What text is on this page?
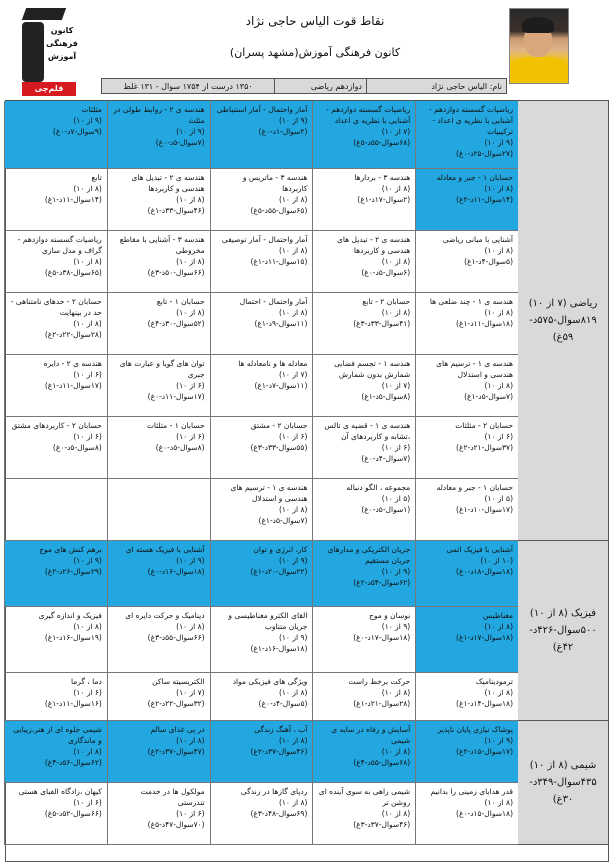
نقاط قوت الیاس حاجی نژاد
کانون فرهنگی آموزش(مشهد پسران)
کانون
فرهنگی
آموزش
قلم‌چی	نام: الیاس حاجی نژاد
دوازدهم ریاضی
۱۳۵۰ درست از ۱۷۵۴ سوال - ۱۳۱ غلط
ریاضی (۷ از ۱۰) ۸۱۹سوال-۵۷۵د- ۵۹غ)
فیزیک (۸ از ۱۰) ۵۰۰سوال-۴۲۶د- ۴۲غ)
شیمی (۸ از ۱۰) ۴۳۵سوال-۳۴۹د- ۳۰غ)
ریاضیات گسسته دوازدهم - آشنایی با نظریه ی اعداد - ترکیبیات
(۹ از ۱۰)
(۲۷سوال-۲۵د-۰غ)
ریاضیات گسسته دوازدهم - آشنایی با نظریه ی اعداد
(۷ از ۱۰)
(۶۸سوال-۵۵د-۵غ)
آمار واحتمال - آمار استنباطی
(۹ از ۱۰)
(۲سوال-۱د-۰غ)
هندسه ی ۲ - روابط طولی در مثلث
(۹ از ۱۰)
(۷سوال-۵د-۰غ)
مثلثات
(۹ از ۱۰)
(۹سوال-۷د-۰غ)
حسابان ۱ - جبر و معادله
(۸ از ۱۰)
(۱۴سوال-۱۱د-۲غ)
هندسه ۳ - بردارها
(۸ از ۱۰)
(۲سوال-۱۷د-۱غ)
هندسه ۳ - ماتریس و کاربردها
(۸ از ۱۰)
(۶۵سوال-۵۵د-۵غ)
هندسه ی ۲ - تبدیل های هندسی و کاربردها
(۸ از ۱۰)
(۴۶سوال-۳۳د-۱غ)
تابع
(۸ از ۱۰)
(۱۴سوال-۱۱د-۱غ)
آشنایی با مبانی ریاضی
(۸ از ۱۰)
(۵سوال-۴د-۱غ)
هندسه ی ۲ - تبدیل های هندسی و کاربردها
(۸ از ۱۰)
(۶سوال-۵د-۰غ)
آمار واحتمال - آمار توصیفی
(۸ از ۱۰)
(۱۵سوال-۱۱د-۱غ)
هندسه ۳ - آشنایی با مقاطع مخروطی
(۸ از ۱۰)
(۶۶سوال-۵۰د-۳غ)
ریاضیات گسسته دوازدهم - گراف و مدل سازی
(۸ از ۱۰)
(۶۵سوال-۳۸د-۵غ)
هندسه ی ۱ - چند ضلعی ها
(۸ از ۱۰)
(۱۸سوال-۱۱د-۱غ)
حسابان ۲ - تابع
(۸ از ۱۰)
(۴۱سوال-۳۳د-۳غ)
آمار واحتمال - احتمال
(۸ از ۱۰)
(۱۱سوال-۹د-۱غ)
حسابان ۱ - تابع
(۸ از ۱۰)
(۵۲سوال-۳۰د-۴غ)
حسابان ۲ - حدهای نامتناهی - حد در بینهایت
(۸ از ۱۰)
(۲۸سوال-۲۲د-۲غ)
هندسه ی ۱ - ترسیم های هندسی و استدلال
(۸ از ۱۰)
(۷سوال-۵د-۱غ)
هندسه ۱ - تجسم فضایی شمارش بدون شمارش
(۷ از ۱۰)
(۸سوال-۵د-۱غ)
معادله ها و نامعادله ها
(۷ از ۱۰)
(۱۱سوال-۷د-۱غ)
توان های گویا و عبارت های جبری
(۶ از ۱۰)
(۱۷سوال-۱۱د-۰غ)
هندسه ی ۲ - دایره
(۶ از ۱۰)
(۱۷سوال-۱۱د-۱غ)
حسابان ۲ - مثلثات
(۶ از ۱۰)
(۳۷سوال-۲۱د-۲غ)
هندسه ی ۱ - قضیه ی تالس ،تشابه و کاربردهای آن
(۶ از ۱۰)
(۷سوال-۴د-۰غ)
حسابان ۲ - مشتق
(۶ از ۱۰)
(۵۵سوال-۳۳د-۳غ)
حسابان ۱ - مثلثات
(۶ از ۱۰)
(۸سوال-۵د-۰غ)
حسابان ۲ - کاربردهای مشتق
(۶ از ۱۰)
(۸سوال-۵د-۰غ)
حسابان ۱ - جبر و معادله
(۵ از ۱۰)
(۱۷سوال-۱۰د-۱غ)
مجموعه ، الگو دنباله
(۵ از ۱۰)
(۱سوال-۵د-۰غ)
هندسه ی ۱ - ترسیم های هندسی و استدلال
(۸ از ۱۰)
(۷سوال-۵د-۱غ)
آشنایی با فیزیک اتمی
(۱۰ از ۱۰)
(۱۸سوال-۱۸د-۰غ)
جریان الکتریکی و مدارهای جریان مستقیم
(۹ از ۱۰)
(۶۲سوال-۵۴د-۲غ)
کار، انرژی و توان
(۹ از ۱۰)
(۲۲سوال-۲۰د-۱غ)
آشنایی با فیزیک هسته ای
(۹ از ۱۰)
(۱۸سوال-۱۶د-۰غ)
برهم کنش های موج
(۹ از ۱۰)
(۲۹سوال-۲۶د-۲غ)
مغناطیس
(۸ از ۱۰)
(۱۸سوال-۱۷د-۱غ)
نوسان و موج
(۹ از ۱۰)
(۱۸سوال-۱۷د-۰غ)
القای الکترو مغناطیسی و جریان متناوب
(۹ از ۱۰)
(۱۸سوال-۱۶د-۱غ)
دینامیک و حرکت دایره ای
(۸ از ۱۰)
(۶۶سوال-۵۵د-۳غ)
فیزیک و اندازه گیری
(۸ از ۱۰)
(۱۹سوال-۱۶د-۱غ)
ترمودینامیک
(۸ از ۱۰)
(۱۸سوال-۱۴د-۱غ)
حرکت برخط راست
(۸ از ۱۰)
(۲۸سوال-۲۱د-۱غ)
ویژگی های فیزیکی مواد
(۸ از ۱۰)
(۵سوال-۴د-۰غ)
الکتریسیته ساکن
(۷ از ۱۰)
(۳۲سوال-۲۲د-۲غ)
دما ، گرما
(۶ از ۱۰)
(۱۶سوال-۱۱د-۱غ)
پوشاک نیازی پایان ناپذیر
(۹ از ۱۰)
(۱۷سوال-۱۵د-۲غ)
آسایش و رفاه در سایه ی شیمی
(۸ از ۱۰)
(۶۸سوال-۵۵د-۴غ)
آب ، آهنگ زندگی
(۸ از ۱۰)
(۴۶سوال-۳۷د-۲غ)
در پی غذای سالم
(۸ از ۱۰)
(۴۷سوال-۳۷د-۲غ)
شیمی جلوه ای از هنر،زیبایی و ماندگاری
(۸ از ۱۰)
(۶۲سوال-۵۶د-۴غ)
قدر هدایای زمینی را بدانیم
(۸ از ۱۰)
(۱۸سوال-۱۵د-۰غ)
شیمی راهی به سوی آینده ای روشن تر
(۸ از ۱۰)
(۴۶سوال-۳۷د-۳غ)
ردپای گازها در زندگی
(۸ از ۱۰)
(۶۹سوال-۴۸د-۳غ)
مولکول ها در خدمت تندرستی
(۶ از ۱۰)
(۷۰سوال-۴۷د-۵غ)
کیهان ،زادگاه الفبای هستی
(۶ از ۱۰)
(۶۶سوال-۵۲د-۵غ)
